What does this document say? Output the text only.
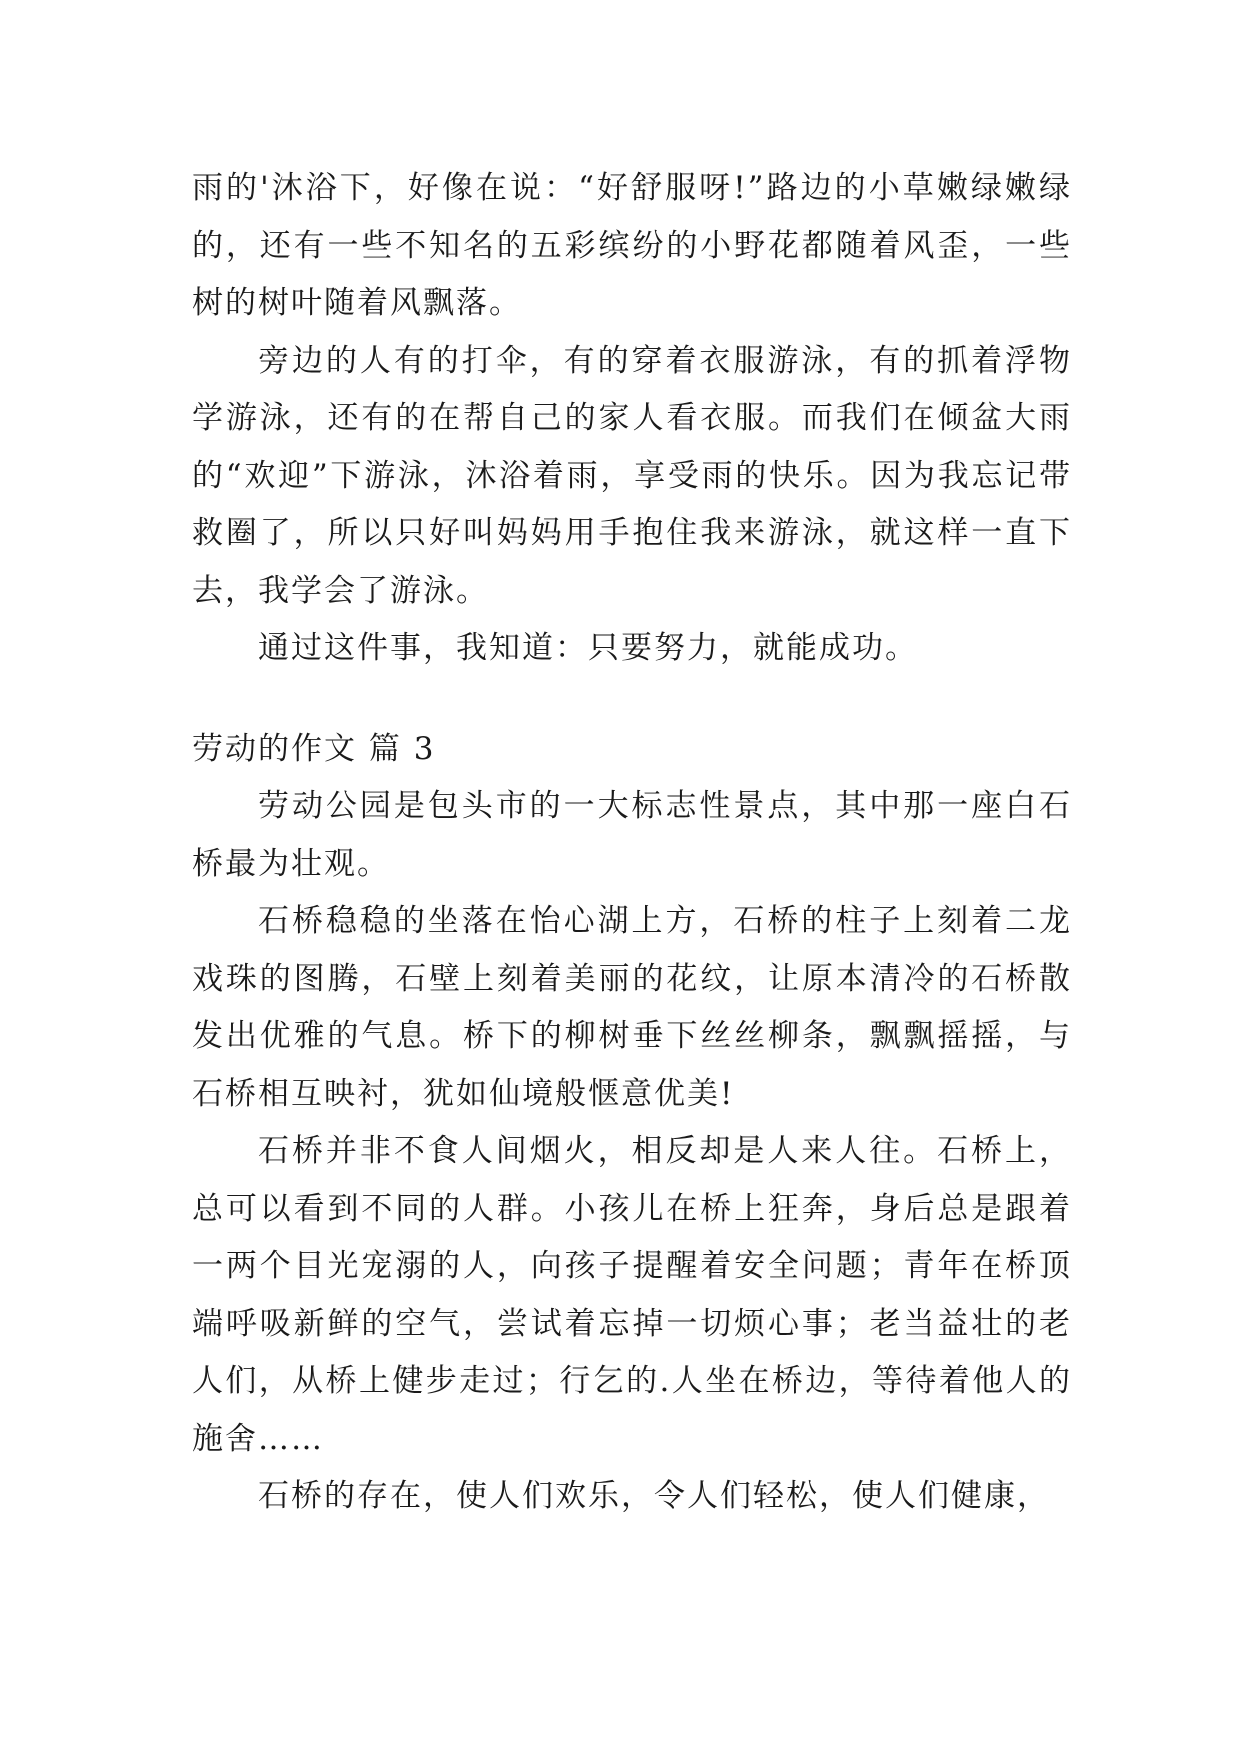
雨的'沐浴下，好像在说：“好舒服呀!”路边的小草嫩绿嫩绿的，还有一些不知名的五彩缤纷的小野花都随着风歪，一些树的树叶随着风飘落。

旁边的人有的打伞，有的穿着衣服游泳，有的抓着浮物学游泳，还有的在帮自己的家人看衣服。而我们在倾盆大雨的“欢迎”下游泳，沐浴着雨，享受雨的快乐。因为我忘记带救圈了，所以只好叫妈妈用手抱住我来游泳，就这样一直下去，我学会了游泳。

通过这件事，我知道：只要努力，就能成功。

劳动的作文 篇 3

劳动公园是包头市的一大标志性景点，其中那一座白石桥最为壮观。

石桥稳稳的坐落在怡心湖上方，石桥的柱子上刻着二龙戏珠的图腾，石壁上刻着美丽的花纹，让原本清冷的石桥散发出优雅的气息。桥下的柳树垂下丝丝柳条，飘飘摇摇，与石桥相互映衬，犹如仙境般惬意优美!

石桥并非不食人间烟火，相反却是人来人往。石桥上，总可以看到不同的人群。小孩儿在桥上狂奔，身后总是跟着一两个目光宠溺的人，向孩子提醒着安全问题；青年在桥顶端呼吸新鲜的空气，尝试着忘掉一切烦心事；老当益壮的老人们，从桥上健步走过；行乞的.人坐在桥边，等待着他人的施舍……

石桥的存在，使人们欢乐，令人们轻松，使人们健康，
